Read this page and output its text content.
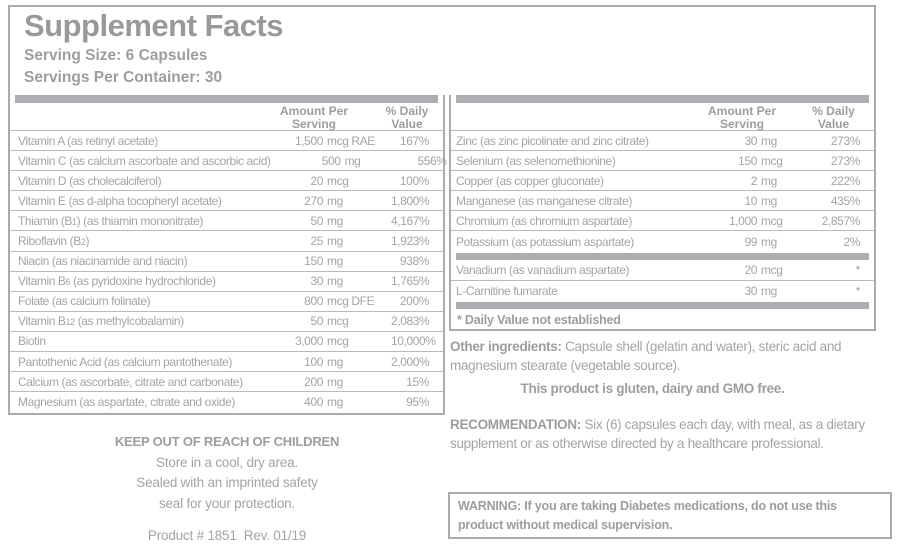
Supplement Facts
Serving Size: 6 Capsules
Servings Per Container: 30
Amount Per
Serving
% Daily
Value
Vitamin A (as retinyl acetate)	1,500 mcg RAE	167%
Vitamin C (as calcium ascorbate and ascorbic acid)	500 mg	556%
Vitamin D (as cholecalciferol)	20 mcg	100%
Vitamin E (as d-alpha tocopheryl acetate)	270 mg	1,800%
Thiamin (B1) (as thiamin mononitrate)	50 mg	4,167%
Riboflavin (B2)	25 mg	1,923%
Niacin (as niacinamide and niacin)	150 mg	938%
Vitamin B6 (as pyridoxine hydrochloride)	30 mg	1,765%
Folate (as calcium folinate)	800 mcg DFE	200%
Vitamin B12 (as methylcobalamin)	50 mcg	2,083%
Biotin	3,000 mcg	10,000%
Pantothenic Acid (as calcium pantothenate)	100 mg	2,000%
Calcium (as ascorbate, citrate and carbonate)	200 mg	15%
Magnesium (as aspartate, citrate and oxide)	400 mg	95%
Amount Per
Serving
% Daily
Value
Zinc (as zinc picolinate and zinc citrate)	30 mg	273%
Selenium (as selenomethionine)	150 mcg	273%
Copper (as copper gluconate)	2 mg	222%
Manganese (as manganese citrate)	10 mg	435%
Chromium (as chromium aspartate)	1,000 mcg	2,857%
Potassium (as potassium aspartate)	99 mg	2%
Vanadium (as vanadium aspartate)	20 mcg	*
L-Carnitine fumarate	30 mg	*
* Daily Value not established
KEEP OUT OF REACH OF CHILDREN
Store in a cool, dry area.
Sealed with an imprinted safety
seal for your protection.
Product # 1851  Rev. 01/19
Other ingredients: Capsule shell (gelatin and water), steric acid and magnesium stearate (vegetable source).
This product is gluten, dairy and GMO free.
RECOMMENDATION: Six (6) capsules each day, with meal, as a dietary supplement or as otherwise directed by a healthcare professional.
WARNING: If you are taking Diabetes medications, do not use this product without medical supervision.
